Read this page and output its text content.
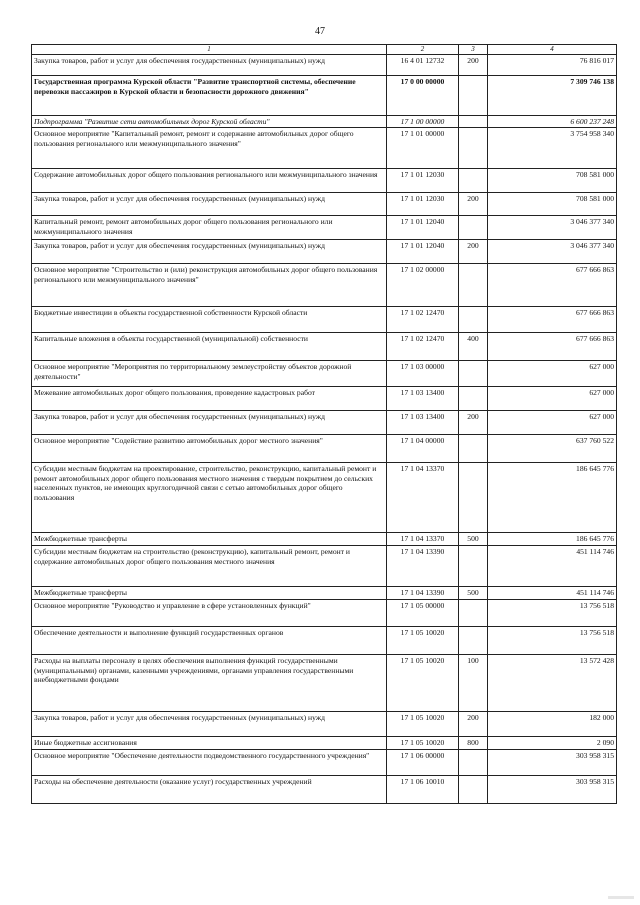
47
1	2	3	4
Закупка товаров, работ и услуг для обеспечения государственных (муниципальных) нужд	16 4 01 12732	200	76 816 017
Государственная программа Курской области "Развитие транспортной системы, обеспечение перевозки пассажиров в Курской области и безопасности дорожного движения"	17 0 00 00000		7 309 746 138
Подпрограмма "Развитие сети автомобильных дорог Курской области"	17 1 00 00000		6 600 237 248
Основное мероприятие "Капитальный ремонт, ремонт и содержание автомобильных дорог общего пользования регионального или межмуниципального значения"	17 1 01 00000		3 754 958 340
Содержание автомобильных дорог общего пользования регионального или межмуниципального значения	17 1 01 12030		708 581 000
Закупка товаров, работ и услуг для обеспечения государственных (муниципальных) нужд	17 1 01 12030	200	708 581 000
Капитальный ремонт, ремонт автомобильных дорог общего пользования регионального или межмуниципального значения	17 1 01 12040		3 046 377 340
Закупка товаров, работ и услуг для обеспечения государственных (муниципальных) нужд	17 1 01 12040	200	3 046 377 340
Основное мероприятие "Строительство и (или) реконструкция автомобильных дорог общего пользования регионального или межмуниципального значения"	17 1 02 00000		677 666 863
Бюджетные инвестиции в объекты государственной собственности Курской области	17 1 02 12470		677 666 863
Капитальные вложения в объекты государственной (муниципальной) собственности	17 1 02 12470	400	677 666 863
Основное мероприятие "Мероприятия по территориальному землеустройству объектов дорожной деятельности"	17 1 03 00000		627 000
Межевание автомобильных дорог общего пользования, проведение кадастровых работ	17 1 03 13400		627 000
Закупка товаров, работ и услуг для обеспечения государственных (муниципальных) нужд	17 1 03 13400	200	627 000
Основное мероприятие "Содействие развитию автомобильных дорог местного значения"	17 1 04 00000		637 760 522
Субсидии местным бюджетам на проектирование, строительство, реконструкцию, капитальный ремонт и ремонт автомобильных дорог общего пользования местного значения с твердым покрытием до сельских населенных пунктов, не имеющих круглогодичной связи с сетью автомобильных дорог общего пользования	17 1 04 13370		186 645 776
Межбюджетные трансферты	17 1 04 13370	500	186 645 776
Субсидии местным бюджетам на строительство (реконструкцию), капитальный ремонт, ремонт и содержание автомобильных дорог общего пользования местного значения	17 1 04 13390		451 114 746
Межбюджетные трансферты	17 1 04 13390	500	451 114 746
Основное мероприятие "Руководство и управление в сфере установленных функций"	17 1 05 00000		13 756 518
Обеспечение деятельности и выполнение функций государственных органов	17 1 05 10020		13 756 518
Расходы на выплаты персоналу в целях обеспечения выполнения функций государственными (муниципальными) органами, казенными учреждениями, органами управления государственными внебюджетными фондами	17 1 05 10020	100	13 572 428
Закупка товаров, работ и услуг для обеспечения государственных (муниципальных) нужд	17 1 05 10020	200	182 000
Иные бюджетные ассигнования	17 1 05 10020	800	2 090
Основное мероприятие "Обеспечение деятельности подведомственного государственного учреждения"	17 1 06 00000		303 958 315
Расходы на обеспечение деятельности (оказание услуг) государственных учреждений	17 1 06 10010		303 958 315
